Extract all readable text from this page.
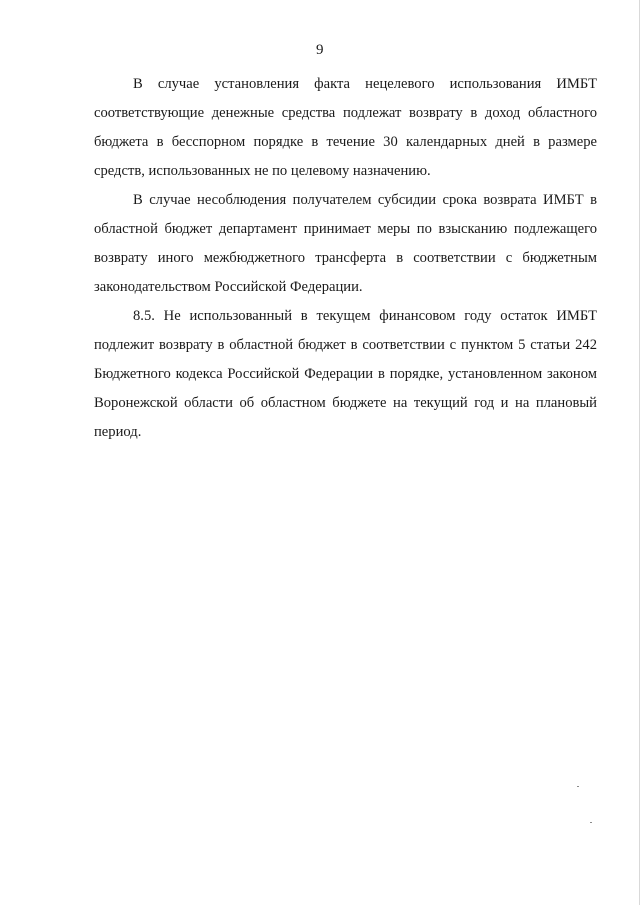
9

В случае установления факта нецелевого использования ИМБТ соответствующие денежные средства подлежат возврату в доход областного бюджета в бесспорном порядке в течение 30 календарных дней в размере средств, использованных не по целевому назначению.

В случае несоблюдения получателем субсидии срока возврата ИМБТ в областной бюджет департамент принимает меры по взысканию подлежащего возврату иного межбюджетного трансферта в соответствии с бюджетным законодательством Российской Федерации.

8.5. Не использованный в текущем финансовом году остаток ИМБТ подлежит возврату в областной бюджет в соответствии с пунктом 5 статьи 242 Бюджетного кодекса Российской Федерации в порядке, установленном законом Воронежской области об областном бюджете на текущий год и на плановый период.
